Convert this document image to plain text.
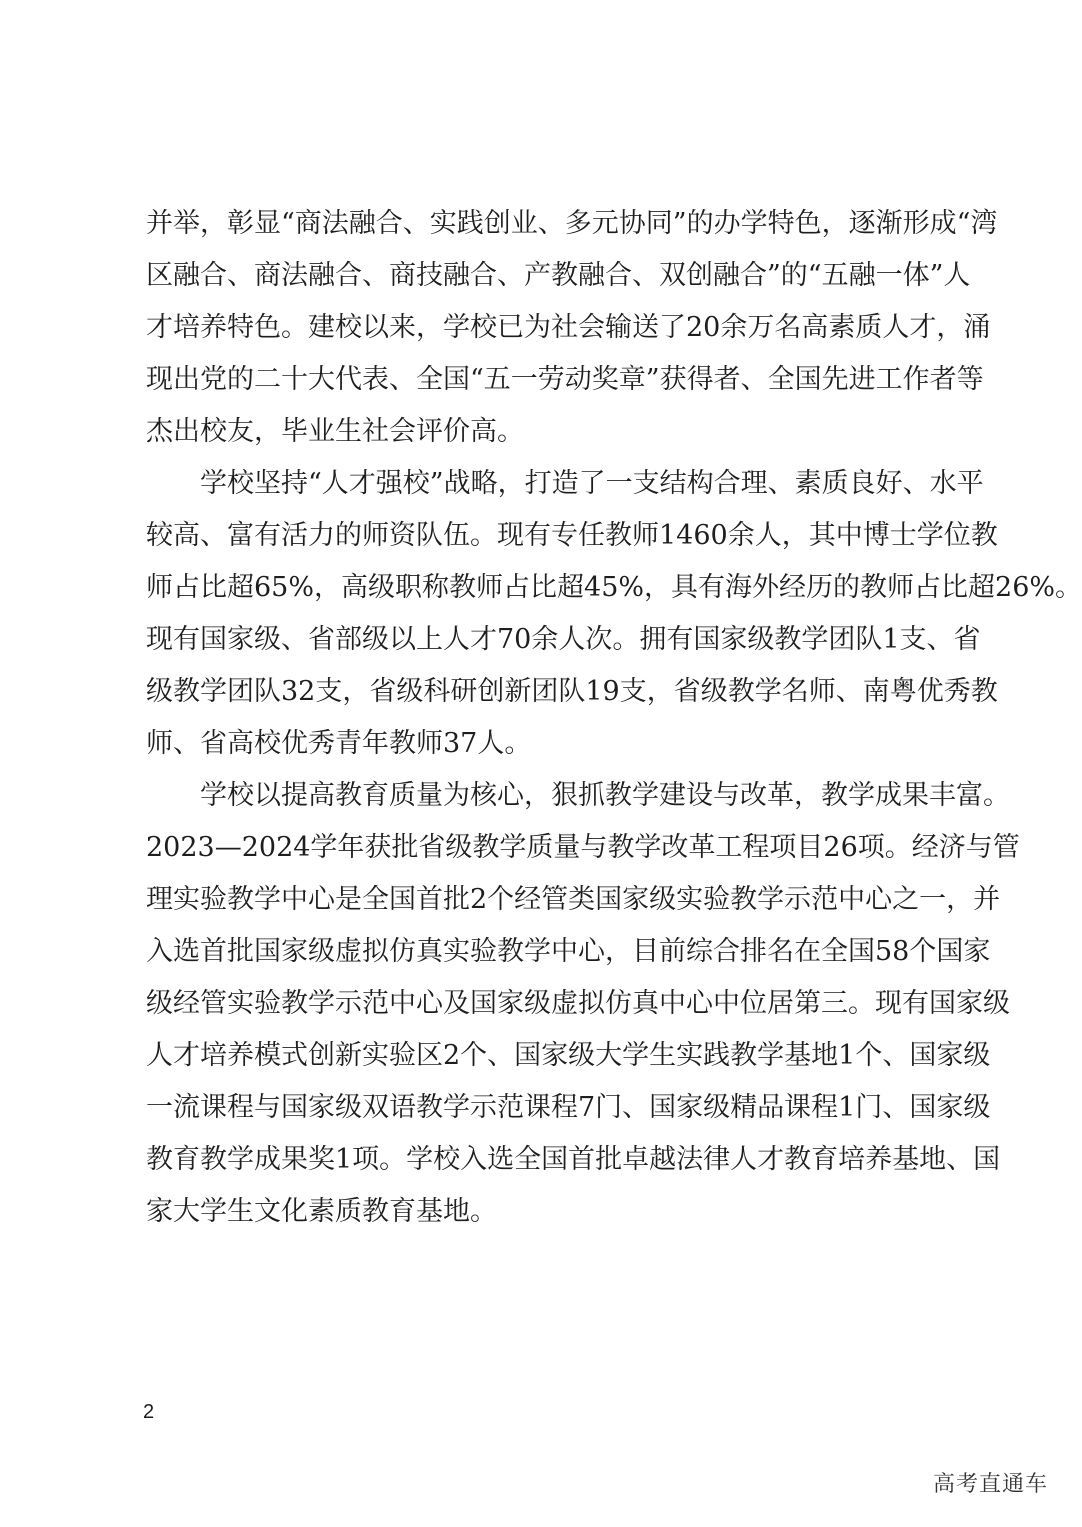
并举，彰显“商法融合、实践创业、多元协同”的办学特色，逐渐形成“湾
区融合、商法融合、商技融合、产教融合、双创融合”的“五融一体”人
才培养特色。建校以来，学校已为社会输送了20余万名高素质人才，涌
现出党的二十大代表、全国“五一劳动奖章”获得者、全国先进工作者等
杰出校友，毕业生社会评价高。
学校坚持“人才强校”战略，打造了一支结构合理、素质良好、水平
较高、富有活力的师资队伍。现有专任教师1460余人，其中博士学位教
师占比超65%，高级职称教师占比超45%，具有海外经历的教师占比超26%。
现有国家级、省部级以上人才70余人次。拥有国家级教学团队1支、省
级教学团队32支，省级科研创新团队19支，省级教学名师、南粤优秀教
师、省高校优秀青年教师37人。
学校以提高教育质量为核心，狠抓教学建设与改革，教学成果丰富。
2023—2024学年获批省级教学质量与教学改革工程项目26项。经济与管
理实验教学中心是全国首批2个经管类国家级实验教学示范中心之一，并
入选首批国家级虚拟仿真实验教学中心，目前综合排名在全国58个国家
级经管实验教学示范中心及国家级虚拟仿真中心中位居第三。现有国家级
人才培养模式创新实验区2个、国家级大学生实践教学基地1个、国家级
一流课程与国家级双语教学示范课程7门、国家级精品课程1门、国家级
教育教学成果奖1项。学校入选全国首批卓越法律人才教育培养基地、国
家大学生文化素质教育基地。
2
高考直通车
